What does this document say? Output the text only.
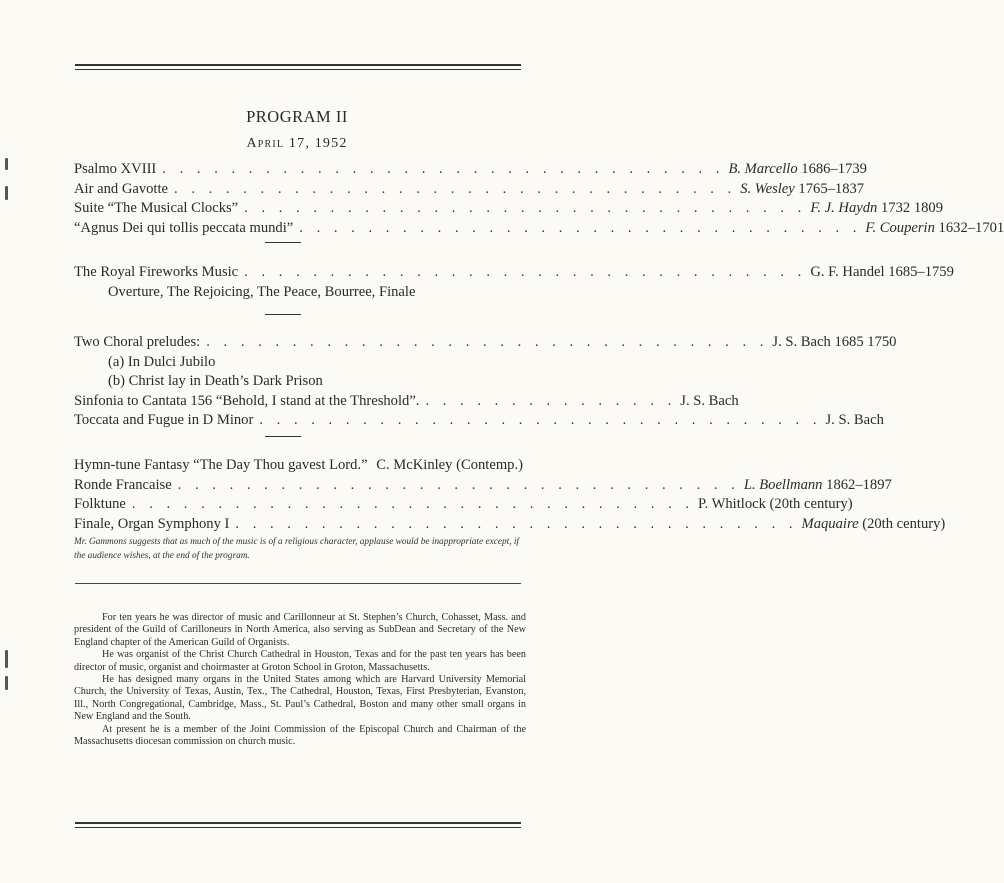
PROGRAM II
April 17, 1952
Psalmo XVIII . . . . . . . . . . . . . . . . . . . . . . . . . . . . . . . . . B. Marcello 1686–1739
Air and Gavotte . . . . . . . . . . . . . . . . . . . . . . . . . . . . . . . . . S. Wesley 1765–1837
Suite “The Musical Clocks” . . . . . . . . . . . . . . . . . . . . . . . . . . . . . . . . . F. J. Haydn 1732 1809
“Agnus Dei qui tollis peccata mundi” . . . . . . . . . . . . . . . . . . . . . . . . . . . . . . . . . F. Couperin 1632–1701
The Royal Fireworks Music . . . . . . . . . . . . . . . . . . . . . . . . . . . . . . . . . G. F. Handel 1685–1759
Overture, The Rejoicing, The Peace, Bourree, Finale
Two Choral preludes: . . . . . . . . . . . . . . . . . . . . . . . . . . . . . . . . . J. S. Bach 1685 1750
(a) In Dulci Jubilo
(b) Christ lay in Death’s Dark Prison
Sinfonia to Cantata 156 “Behold, I stand at the Threshold”. . . . . . . . . . . . . . . . J. S. Bach
Toccata and Fugue in D Minor . . . . . . . . . . . . . . . . . . . . . . . . . . . . . . . . . J. S. Bach
Hymn-tune Fantasy “The Day Thou gavest Lord.” C. McKinley (Contemp.)
Ronde Francaise . . . . . . . . . . . . . . . . . . . . . . . . . . . . . . . . . L. Boellmann 1862–1897
Folktune . . . . . . . . . . . . . . . . . . . . . . . . . . . . . . . . . P. Whitlock (20th century)
Finale, Organ Symphony I . . . . . . . . . . . . . . . . . . . . . . . . . . . . . . . . . Maquaire (20th century)
Mr. Gammons suggests that as much of the music is of a religious character, applause would be inappropriate except, if the audience wishes, at the end of the program.

For ten years he was director of music and Carillonneur at St. Stephen’s Church, Cohasset, Mass. and president of the Guild of Carilloneurs in North America, also serving as SubDean and Secretary of the New England chapter of the American Guild of Organists.

He was organist of the Christ Church Cathedral in Houston, Texas and for the past ten years has been director of music, organist and choirmaster at Groton School in Groton, Massachusetts.

He has designed many organs in the United States among which are Harvard University Memorial Church, the University of Texas, Austin, Tex., The Cathedral, Houston, Texas, First Presbyterian, Evanston, Ill., North Congregational, Cambridge, Mass., St. Paul’s Cathedral, Boston and many other small organs in New England and the South.

At present he is a member of the Joint Commission of the Episcopal Church and Chairman of the Massachusetts diocesan commission on church music.
